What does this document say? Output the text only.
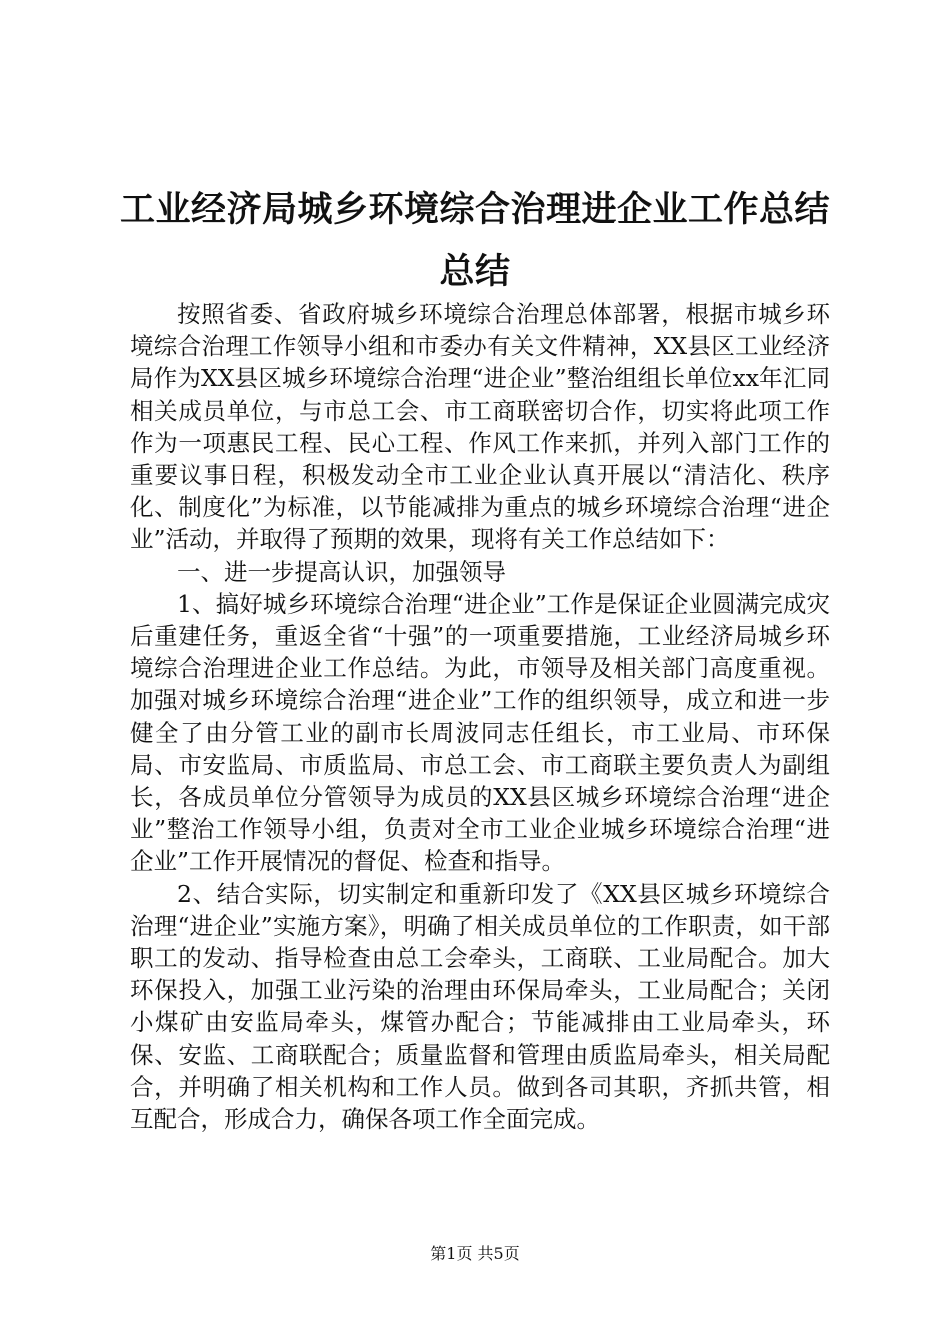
工业经济局城乡环境综合治理进企业工作总结
总结

按照省委、省政府城乡环境综合治理总体部署，根据市城乡环境综合治理工作领导小组和市委办有关文件精神，XX县区工业经济局作为XX县区城乡环境综合治理“进企业”整治组组长单位xx年汇同相关成员单位，与市总工会、市工商联密切合作，切实将此项工作作为一项惠民工程、民心工程、作风工作来抓，并列入部门工作的重要议事日程，积极发动全市工业企业认真开展以“清洁化、秩序化、制度化”为标准，以节能减排为重点的城乡环境综合治理“进企业”活动，并取得了预期的效果，现将有关工作总结如下：

一、进一步提高认识，加强领导

1、搞好城乡环境综合治理“进企业”工作是保证企业圆满完成灾后重建任务，重返全省“十强”的一项重要措施，工业经济局城乡环境综合治理进企业工作总结。为此，市领导及相关部门高度重视。加强对城乡环境综合治理“进企业”工作的组织领导，成立和进一步健全了由分管工业的副市长周波同志任组长，市工业局、市环保局、市安监局、市质监局、市总工会、市工商联主要负责人为副组长，各成员单位分管领导为成员的XX县区城乡环境综合治理“进企业”整治工作领导小组，负责对全市工业企业城乡环境综合治理“进企业”工作开展情况的督促、检查和指导。

2、结合实际，切实制定和重新印发了《XX县区城乡环境综合治理“进企业”实施方案》，明确了相关成员单位的工作职责，如干部职工的发动、指导检查由总工会牵头，工商联、工业局配合。加大环保投入，加强工业污染的治理由环保局牵头，工业局配合；关闭小煤矿由安监局牵头，煤管办配合；节能减排由工业局牵头，环保、安监、工商联配合；质量监督和管理由质监局牵头，相关局配合，并明确了相关机构和工作人员。做到各司其职，齐抓共管，相互配合，形成合力，确保各项工作全面完成。

第1页 共5页
